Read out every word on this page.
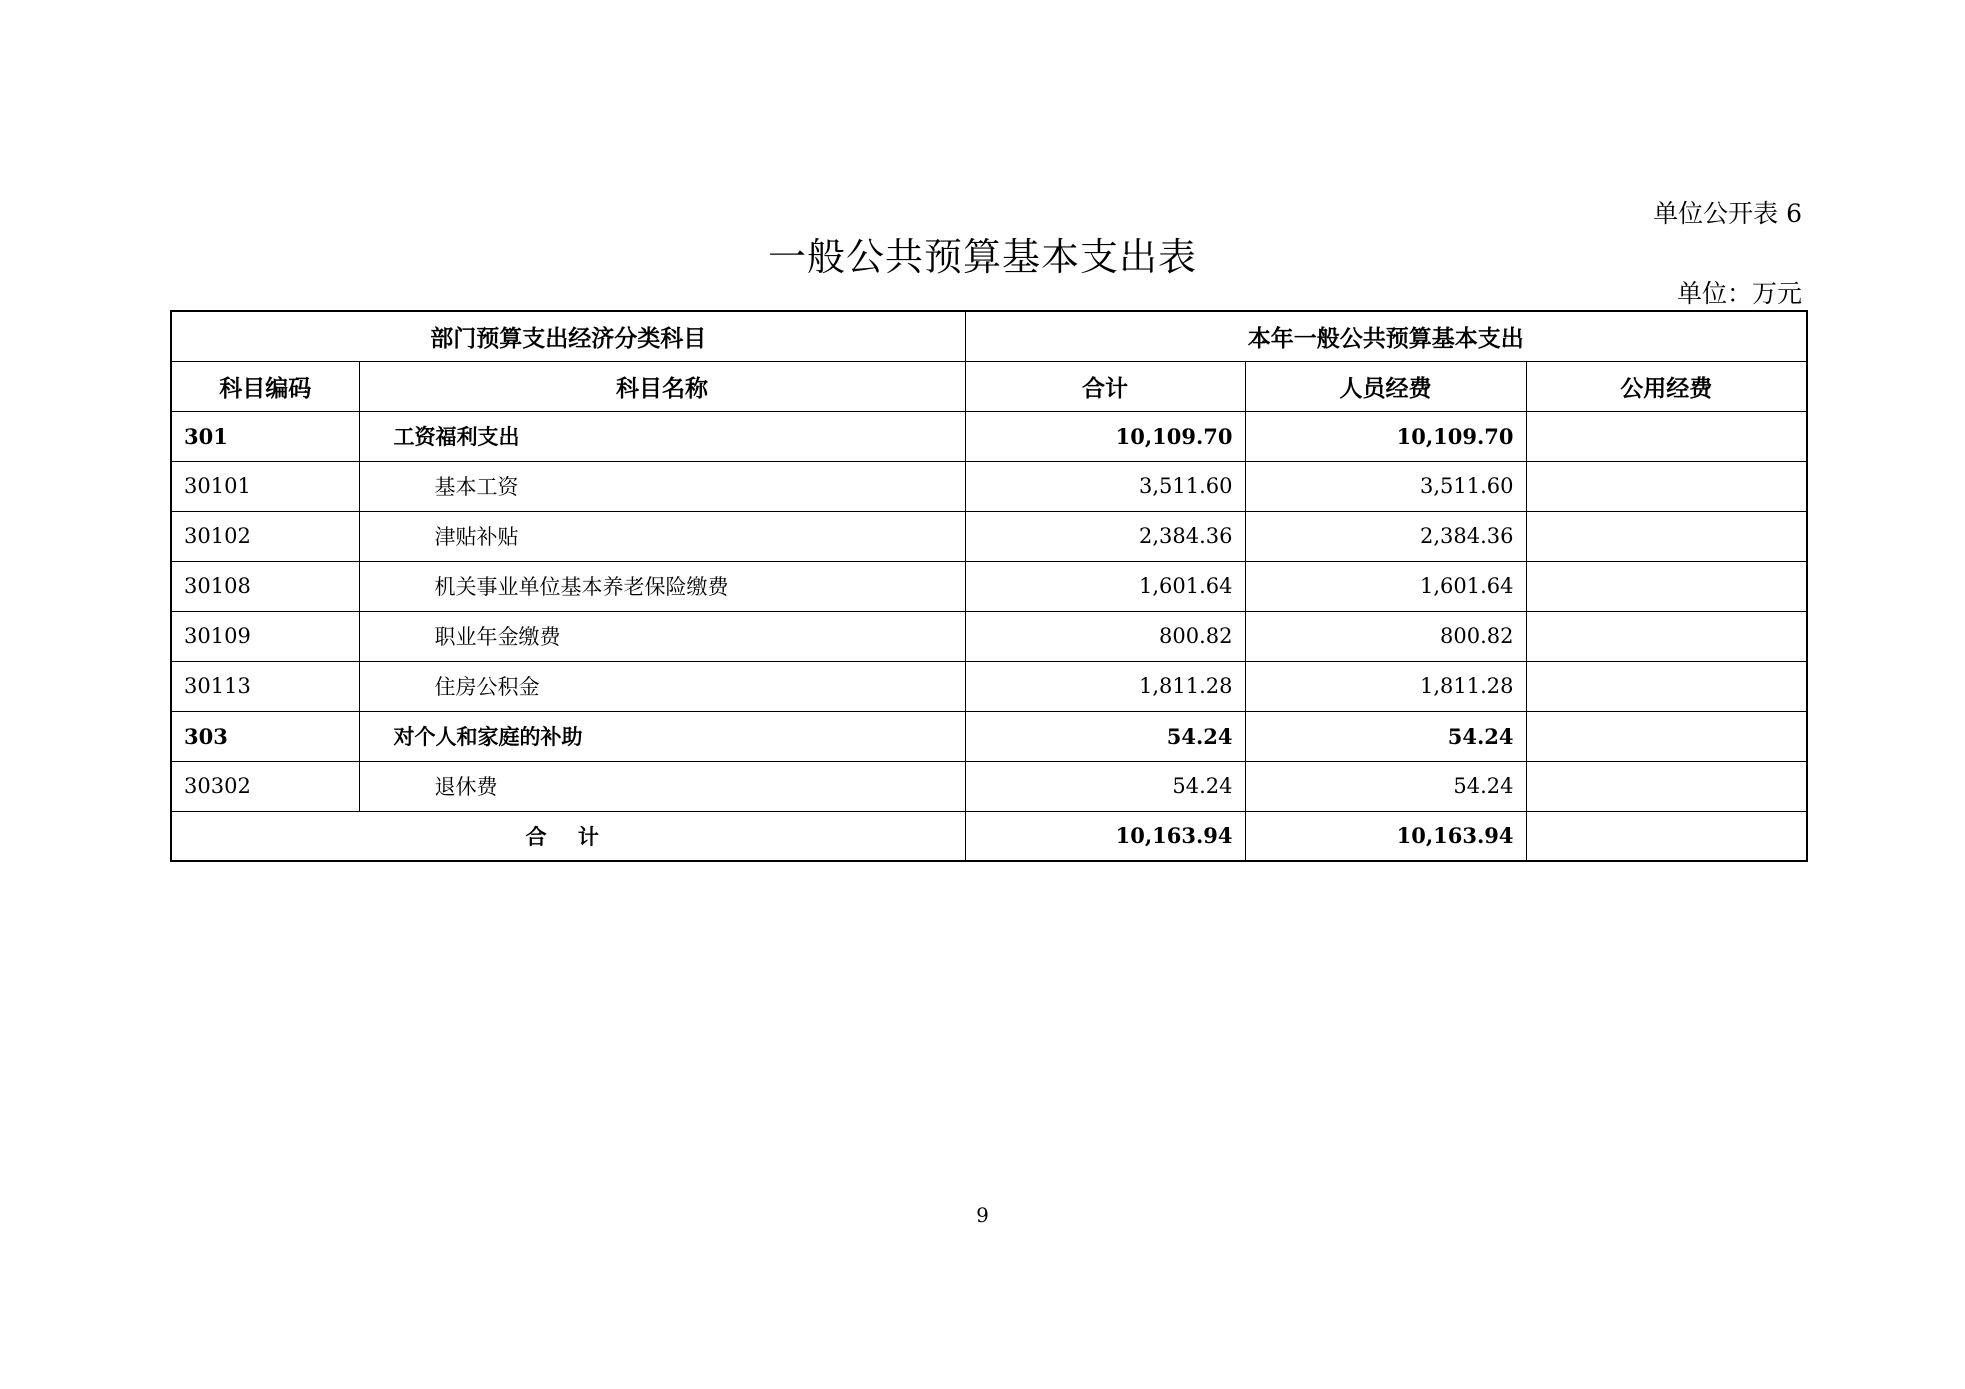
单位公开表 6
一般公共预算基本支出表
单位：万元
部门预算支出经济分类科目		本年一般公共预算基本支出		
科目编码	科目名称	合计	人员经费	公用经费
301	工资福利支出	10,109.70	10,109.70	
30101	基本工资	3,511.60	3,511.60	
30102	津贴补贴	2,384.36	2,384.36	
30108	机关事业单位基本养老保险缴费	1,601.64	1,601.64	
30109	职业年金缴费	800.82	800.82	
30113	住房公积金	1,811.28	1,811.28	
303	对个人和家庭的补助	54.24	54.24	
30302	退休费	54.24	54.24	
合 计		10,163.94	10,163.94	
9
